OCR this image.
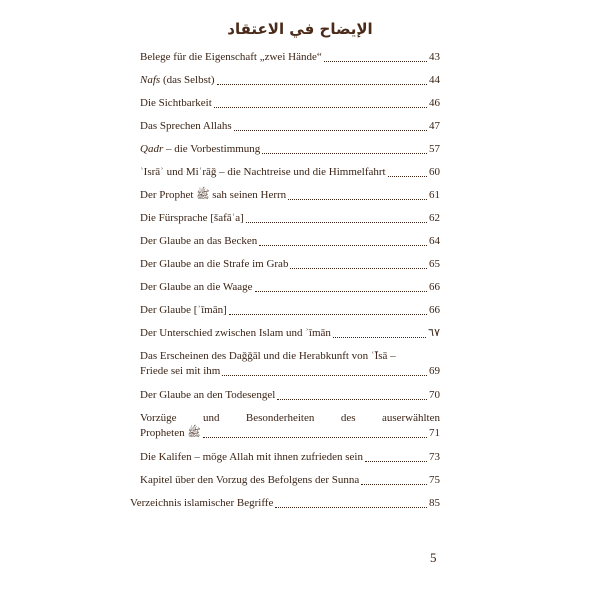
الإيضاح في الاعتقاد
Belege für die Eigenschaft „zwei Hände“	43
Nafs (das Selbst)	44
Die Sichtbarkeit	46
Das Sprechen Allahs	47
Qadr – die Vorbestimmung	57
ʾIsrāʾ und Miʿrāǧ – die Nachtreise und die Himmelfahrt	60
Der Prophet ﷺ sah seinen Herrn	61
Die Fürsprache [šafāʿa]	62
Der Glaube an das Becken	64
Der Glaube an die Strafe im Grab	65
Der Glaube an die Waage	66
Der Glaube [ʾīmān]	66
Der Unterschied zwischen Islam und ʾīmān	٦٧
Das Erscheinen des Daǧǧāl und die Herabkunft von ʿĪsā –
Friede sei mit ihm	69
Der Glaube an den Todesengel	70
Vorzüge und Besonderheiten des auserwählten
Propheten ﷺ	71
Die Kalifen – möge Allah mit ihnen zufrieden sein	73
Kapitel über den Vorzug des Befolgens der Sunna	75
Verzeichnis islamischer Begriffe	85
5
